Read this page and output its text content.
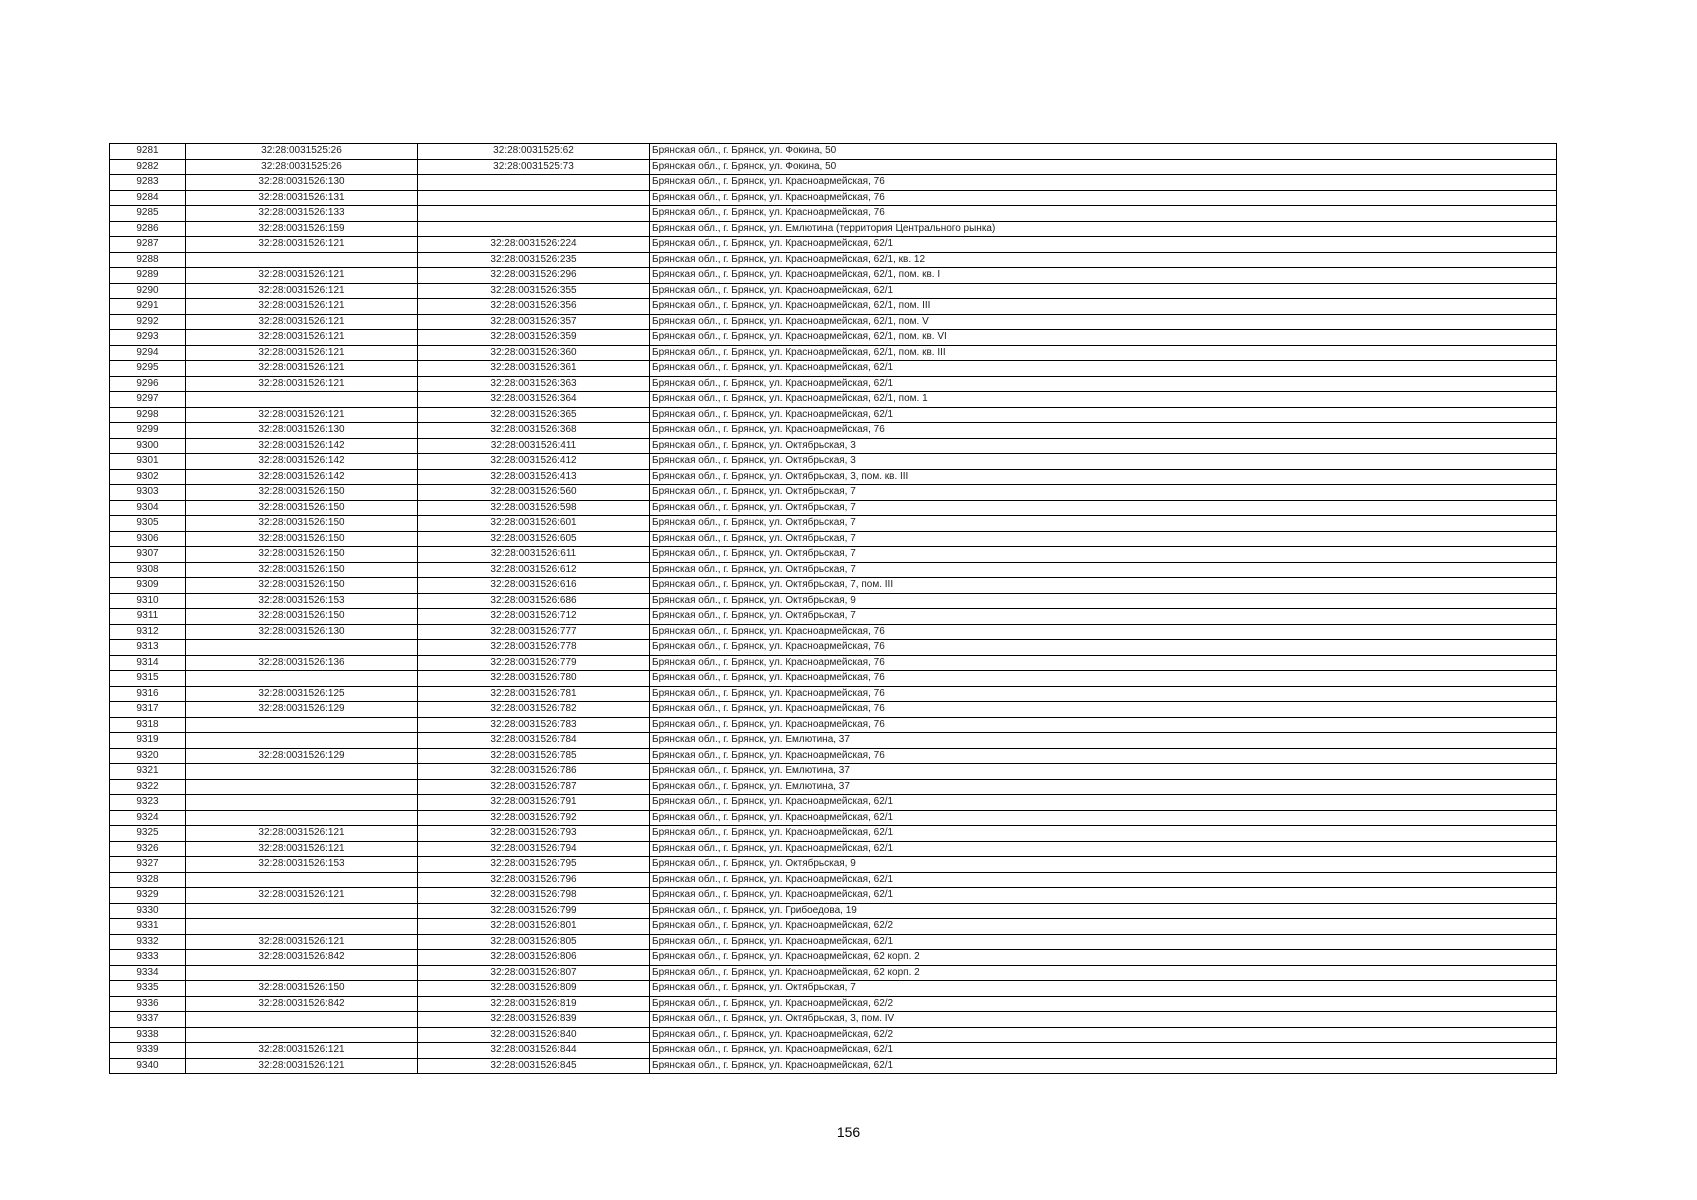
9281	32:28:0031525:26	32:28:0031525:62	Брянская обл., г. Брянск, ул. Фокина, 50
9282	32:28:0031525:26	32:28:0031525:73	Брянская обл., г. Брянск, ул. Фокина, 50
9283	32:28:0031526:130		Брянская обл., г. Брянск, ул. Красноармейская, 76
9284	32:28:0031526:131		Брянская обл., г. Брянск, ул. Красноармейская, 76
9285	32:28:0031526:133		Брянская обл., г. Брянск, ул. Красноармейская, 76
9286	32:28:0031526:159		Брянская обл., г. Брянск, ул. Емлютина (территория Центрального рынка)
9287	32:28:0031526:121	32:28:0031526:224	Брянская обл., г. Брянск, ул. Красноармейская, 62/1
9288		32:28:0031526:235	Брянская обл., г. Брянск, ул. Красноармейская, 62/1, кв. 12
9289	32:28:0031526:121	32:28:0031526:296	Брянская обл., г. Брянск, ул. Красноармейская, 62/1, пом. кв. I
9290	32:28:0031526:121	32:28:0031526:355	Брянская обл., г. Брянск, ул. Красноармейская, 62/1
9291	32:28:0031526:121	32:28:0031526:356	Брянская обл., г. Брянск, ул. Красноармейская, 62/1, пом. III
9292	32:28:0031526:121	32:28:0031526:357	Брянская обл., г. Брянск, ул. Красноармейская, 62/1, пом. V
9293	32:28:0031526:121	32:28:0031526:359	Брянская обл., г. Брянск, ул. Красноармейская, 62/1, пом. кв. VI
9294	32:28:0031526:121	32:28:0031526:360	Брянская обл., г. Брянск, ул. Красноармейская, 62/1, пом. кв. III
9295	32:28:0031526:121	32:28:0031526:361	Брянская обл., г. Брянск, ул. Красноармейская, 62/1
9296	32:28:0031526:121	32:28:0031526:363	Брянская обл., г. Брянск, ул. Красноармейская, 62/1
9297		32:28:0031526:364	Брянская обл., г. Брянск, ул. Красноармейская, 62/1, пом. 1
9298	32:28:0031526:121	32:28:0031526:365	Брянская обл., г. Брянск, ул. Красноармейская, 62/1
9299	32:28:0031526:130	32:28:0031526:368	Брянская обл., г. Брянск, ул. Красноармейская, 76
9300	32:28:0031526:142	32:28:0031526:411	Брянская обл., г. Брянск, ул. Октябрьская, 3
9301	32:28:0031526:142	32:28:0031526:412	Брянская обл., г. Брянск, ул. Октябрьская, 3
9302	32:28:0031526:142	32:28:0031526:413	Брянская обл., г. Брянск, ул. Октябрьская, 3, пом. кв. III
9303	32:28:0031526:150	32:28:0031526:560	Брянская обл., г. Брянск, ул. Октябрьская, 7
9304	32:28:0031526:150	32:28:0031526:598	Брянская обл., г. Брянск, ул. Октябрьская, 7
9305	32:28:0031526:150	32:28:0031526:601	Брянская обл., г. Брянск, ул. Октябрьская, 7
9306	32:28:0031526:150	32:28:0031526:605	Брянская обл., г. Брянск, ул. Октябрьская, 7
9307	32:28:0031526:150	32:28:0031526:611	Брянская обл., г. Брянск, ул. Октябрьская, 7
9308	32:28:0031526:150	32:28:0031526:612	Брянская обл., г. Брянск, ул. Октябрьская, 7
9309	32:28:0031526:150	32:28:0031526:616	Брянская обл., г. Брянск, ул. Октябрьская, 7, пом. III
9310	32:28:0031526:153	32:28:0031526:686	Брянская обл., г. Брянск, ул. Октябрьская, 9
9311	32:28:0031526:150	32:28:0031526:712	Брянская обл., г. Брянск, ул. Октябрьская, 7
9312	32:28:0031526:130	32:28:0031526:777	Брянская обл., г. Брянск, ул. Красноармейская, 76
9313		32:28:0031526:778	Брянская обл., г. Брянск, ул. Красноармейская, 76
9314	32:28:0031526:136	32:28:0031526:779	Брянская обл., г. Брянск, ул. Красноармейская, 76
9315		32:28:0031526:780	Брянская обл., г. Брянск, ул. Красноармейская, 76
9316	32:28:0031526:125	32:28:0031526:781	Брянская обл., г. Брянск, ул. Красноармейская, 76
9317	32:28:0031526:129	32:28:0031526:782	Брянская обл., г. Брянск, ул. Красноармейская, 76
9318		32:28:0031526:783	Брянская обл., г. Брянск, ул. Красноармейская, 76
9319		32:28:0031526:784	Брянская обл., г. Брянск, ул. Емлютина, 37
9320	32:28:0031526:129	32:28:0031526:785	Брянская обл., г. Брянск, ул. Красноармейская, 76
9321		32:28:0031526:786	Брянская обл., г. Брянск, ул. Емлютина, 37
9322		32:28:0031526:787	Брянская обл., г. Брянск, ул. Емлютина, 37
9323		32:28:0031526:791	Брянская обл., г. Брянск, ул. Красноармейская, 62/1
9324		32:28:0031526:792	Брянская обл., г. Брянск, ул. Красноармейская, 62/1
9325	32:28:0031526:121	32:28:0031526:793	Брянская обл., г. Брянск, ул. Красноармейская, 62/1
9326	32:28:0031526:121	32:28:0031526:794	Брянская обл., г. Брянск, ул. Красноармейская, 62/1
9327	32:28:0031526:153	32:28:0031526:795	Брянская обл., г. Брянск, ул. Октябрьская, 9
9328		32:28:0031526:796	Брянская обл., г. Брянск, ул. Красноармейская, 62/1
9329	32:28:0031526:121	32:28:0031526:798	Брянская обл., г. Брянск, ул. Красноармейская, 62/1
9330		32:28:0031526:799	Брянская обл., г. Брянск, ул. Грибоедова, 19
9331		32:28:0031526:801	Брянская обл., г. Брянск, ул. Красноармейская, 62/2
9332	32:28:0031526:121	32:28:0031526:805	Брянская обл., г. Брянск, ул. Красноармейская, 62/1
9333	32:28:0031526:842	32:28:0031526:806	Брянская обл., г. Брянск, ул. Красноармейская, 62 корп. 2
9334		32:28:0031526:807	Брянская обл., г. Брянск, ул. Красноармейская, 62 корп. 2
9335	32:28:0031526:150	32:28:0031526:809	Брянская обл., г. Брянск, ул. Октябрьская, 7
9336	32:28:0031526:842	32:28:0031526:819	Брянская обл., г. Брянск, ул. Красноармейская, 62/2
9337		32:28:0031526:839	Брянская обл., г. Брянск, ул. Октябрьская, 3, пом. IV
9338		32:28:0031526:840	Брянская обл., г. Брянск, ул. Красноармейская, 62/2
9339	32:28:0031526:121	32:28:0031526:844	Брянская обл., г. Брянск, ул. Красноармейская, 62/1
9340	32:28:0031526:121	32:28:0031526:845	Брянская обл., г. Брянск, ул. Красноармейская, 62/1
156
